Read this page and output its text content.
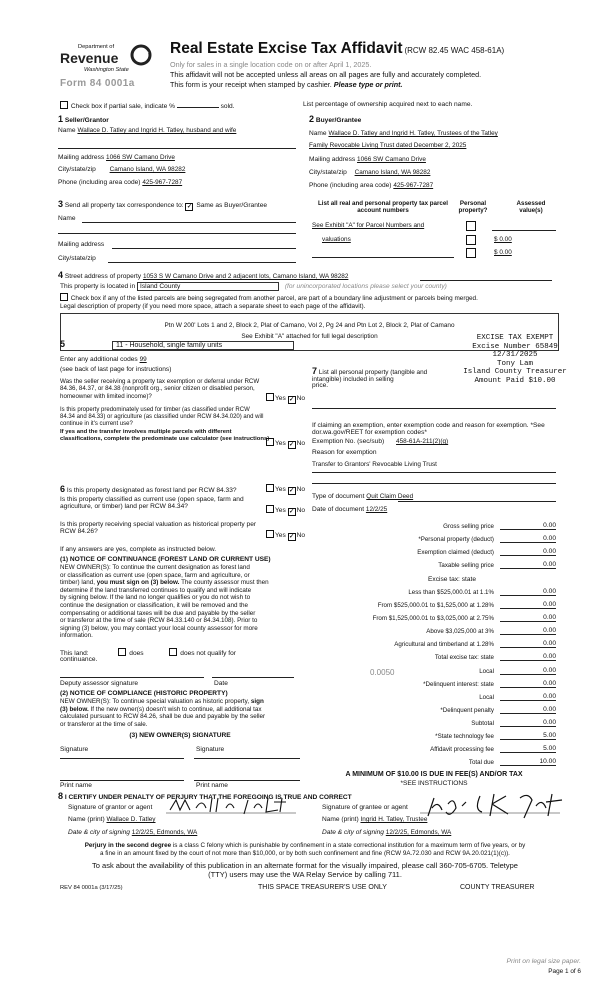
Department of
Revenue
Washington State
Form 84 0001a
Real Estate Excise Tax Affidavit (RCW 82.45 WAC 458-61A)
Only for sales in a single location code on or after April 1, 2025.
This affidavit will not be accepted unless all areas on all pages are fully and accurately completed.
This form is your receipt when stamped by cashier. Please type or print.
Check box if partial sale, indicate %	sold.	List percentage of ownership acquired next to each name.
1 Seller/Grantor
Name Wallace D. Tatley and Ingrid H. Tatley, husband and wife
Mailing address 1066 SW Camano Drive
City/state/zip Camano Island, WA 98282
Phone (including area code) 425-967-7287
2 Buyer/Grantee
Name Wallace D. Tatley and Ingrid H. Tatley, Trustees of the Tatley
Family Revocable Living Trust dated December 2, 2025
Mailing address 1066 SW Camano Drive
City/state/zip Camano Island, WA 98282
Phone (including area code) 425-967-7287
3 Send all property tax correspondence to: ✓ Same as Buyer/Grantee
Name
Mailing address
City/state/zip
List all real and personal property tax parcel account numbers
Personal property?
Assessed value(s)
See Exhibit "A" for Parcel Numbers and
valuations	$ 0.00
$ 0.00
4 Street address of property 1053 S W Camano Drive and 2 adjacent lots, Camano Island, WA 98282
This property is located in Island County	(for unincorporated locations please select your county)
Check box if any of the listed parcels are being segregated from another parcel, are part of a boundary line adjustment or parcels being merged.
Legal description of property (if you need more space, attach a separate sheet to each page of the affidavit).
Ptn W 200' Lots 1 and 2, Block 2, Plat of Camano, Vol 2, Pg 24 and Ptn Lot 2, Block 2, Plat of Camano
See Exhibit "A" attached for full legal description	EXCISE TAX EXEMPT
Excise Number 65849
12/31/2025
Tony Lam
Island County Treasurer
Amount Paid $10.00
5	11 - Household, single family units
Enter any additional codes 99
(see back of last page for instructions)
Was the seller receiving a property tax exemption or deferral under RCW 84.36, 84.37, or 84.38 (nonprofit org., senior citizen or disabled person, homeowner with limited income)?	Yes ✓ No
Is this property predominately used for timber (as classified under RCW 84.34 and 84.33) or agriculture (as classified under RCW 84.34.020) and will continue in it's current use?
If yes and the transfer involves multiple parcels with different classifications, complete the predominate use calculator (see instructions)
Yes ✓ No
6 Is this property designated as forest land per RCW 84.33?	Yes ✓ No
Is this property classified as current use (open space, farm and agriculture, or timber) land per RCW 84.34?
Yes ✓ No
Is this property receiving special valuation as historical property per RCW 84.26?
Yes ✓ No
If any answers are yes, complete as instructed below.
(1) NOTICE OF CONTINUANCE (FOREST LAND OR CURRENT USE)
NEW OWNER(S): To continue the current designation as forest land
or classification as current use (open space, farm and agriculture, or
timber) land, you must sign on (3) below. The county assessor must then
determine if the land transferred continues to qualify and will indicate
by signing below. If the land no longer qualifies or you do not wish to
continue the designation or classification, it will be removed and the
compensating or additional taxes will be due and payable by the seller
or transferor at the time of sale (RCW 84.33.140 or 84.34.108). Prior to
signing (3) below, you may contact your local county assessor for more
information.
This land:	does	does not qualify for
continuance.
Deputy assessor signature	Date
(2) NOTICE OF COMPLIANCE (HISTORIC PROPERTY)
NEW OWNER(S): To continue special valuation as historic property, sign
(3) below. If the new owner(s) doesn't wish to continue, all additional tax
calculated pursuant to RCW 84.26, shall be due and payable by the seller
or transferor at the time of sale.
(3) NEW OWNER(S) SIGNATURE
Signature	Signature
Print name	Print name
7 List all personal property (tangible and intangible) included in selling
price.
If claiming an exemption, enter exemption code and reason for exemption. *See dor.wa.gov/REET for exemption codes*
Exemption No. (sec/sub) 458-61A-211(2)(g)
Reason for exemption
Transfer to Grantors' Revocable Living Trust
Type of document Quit Claim Deed
Date of document 12/2/25
Gross selling price	0.00
*Personal property (deduct)	0.00
Exemption claimed (deduct)	0.00
Taxable selling price	0.00
Excise tax: state
Less than $525,000.01 at 1.1%	0.00
From $525,000.01 to $1,525,000 at 1.28%	0.00
From $1,525,000.01 to $3,025,000 at 2.75%	0.00
Above $3,025,000 at 3%	0.00
Agricultural and timberland at 1.28%	0.00
Total excise tax: state	0.00
0.0050	Local	0.00
*Delinquent interest: state	0.00
Local	0.00
*Delinquent penalty	0.00
Subtotal	0.00
*State technology fee	5.00
Affidavit processing fee	5.00
Total due	10.00
A MINIMUM OF $10.00 IS DUE IN FEE(S) AND/OR TAX
*SEE INSTRUCTIONS
8 I CERTIFY UNDER PENALTY OF PERJURY THAT THE FOREGOING IS TRUE AND CORRECT
Signature of grantor or agent
Name (print) Wallace D. Tatley
Date & city of signing 12/2/25, Edmonds, WA
Signature of grantee or agent
Name (print) Ingrid H. Tatley, Trustee
Date & city of signing 12/2/25, Edmonds, WA
Perjury in the second degree is a class C felony which is punishable by confinement in a state correctional institution for a maximum term of five years, or by
a fine in an amount fixed by the court of not more than $10,000, or by both such confinement and fine (RCW 9A.72.030 and RCW 9A.20.021(1)(c)).
To ask about the availability of this publication in an alternate format for the visually impaired, please call 360-705-6705. Teletype
(TTY) users may use the WA Relay Service by calling 711.
REV 84 0001a (3/17/25)	THIS SPACE TREASURER'S USE ONLY	COUNTY TREASURER
Print on legal size paper.
Page 1 of 6
